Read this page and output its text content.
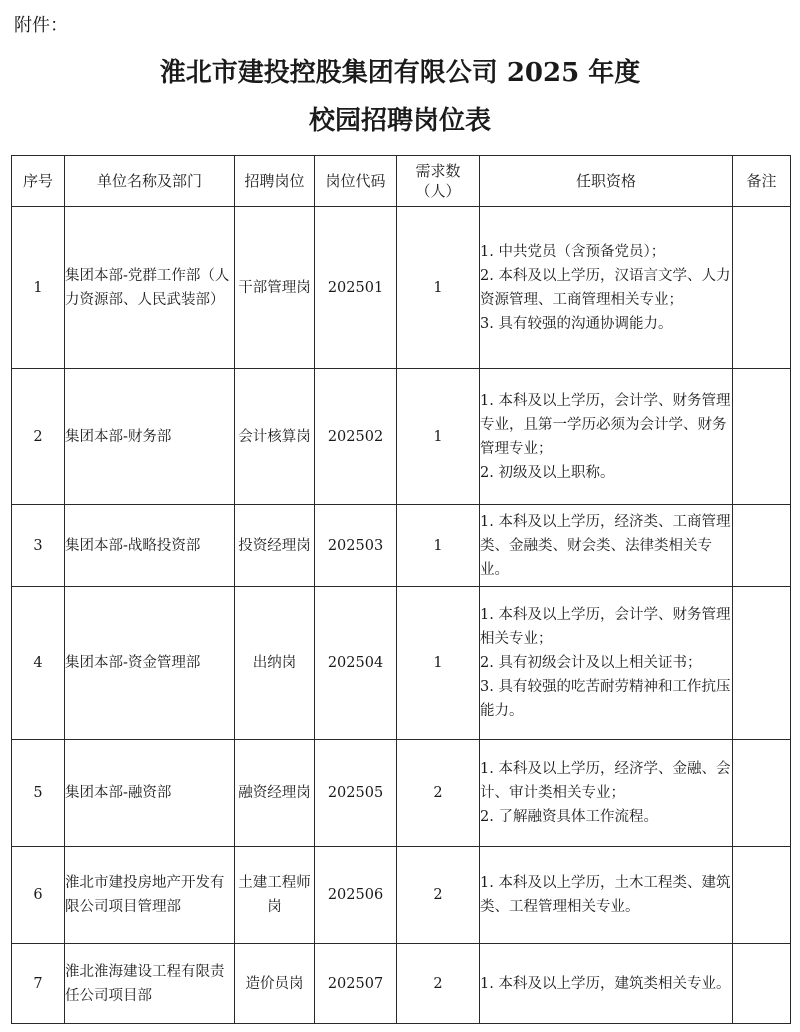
附件：
淮北市建投控股集团有限公司 2025 年度
校园招聘岗位表
序号	单位名称及部门	招聘岗位	岗位代码	需求数（人）	任职资格	备注
1	集团本部-党群工作部（人力资源部、人民武装部）	干部管理岗	202501	1	1. 中共党员（含预备党员）；
2. 本科及以上学历，汉语言文学、人力资源管理、工商管理相关专业；
3. 具有较强的沟通协调能力。	

2	集团本部-财务部	会计核算岗	202502	1	1. 本科及以上学历，会计学、财务管理专业，且第一学历必须为会计学、财务管理专业；
2. 初级及以上职称。	

3	集团本部-战略投资部	投资经理岗	202503	1	1. 本科及以上学历，经济类、工商管理类、金融类、财会类、法律类相关专业。	

4	集团本部-资金管理部	出纳岗	202504	1	1. 本科及以上学历，会计学、财务管理相关专业；
2. 具有初级会计及以上相关证书；
3. 具有较强的吃苦耐劳精神和工作抗压能力。	

5	集团本部-融资部	融资经理岗	202505	2	1. 本科及以上学历，经济学、金融、会计、审计类相关专业；
2. 了解融资具体工作流程。	

6	淮北市建投房地产开发有限公司项目管理部	土建工程师岗	202506	2	1. 本科及以上学历，土木工程类、建筑类、工程管理相关专业。	

7	淮北淮海建设工程有限责任公司项目部	造价员岗	202507	2	1. 本科及以上学历，建筑类相关专业。	
